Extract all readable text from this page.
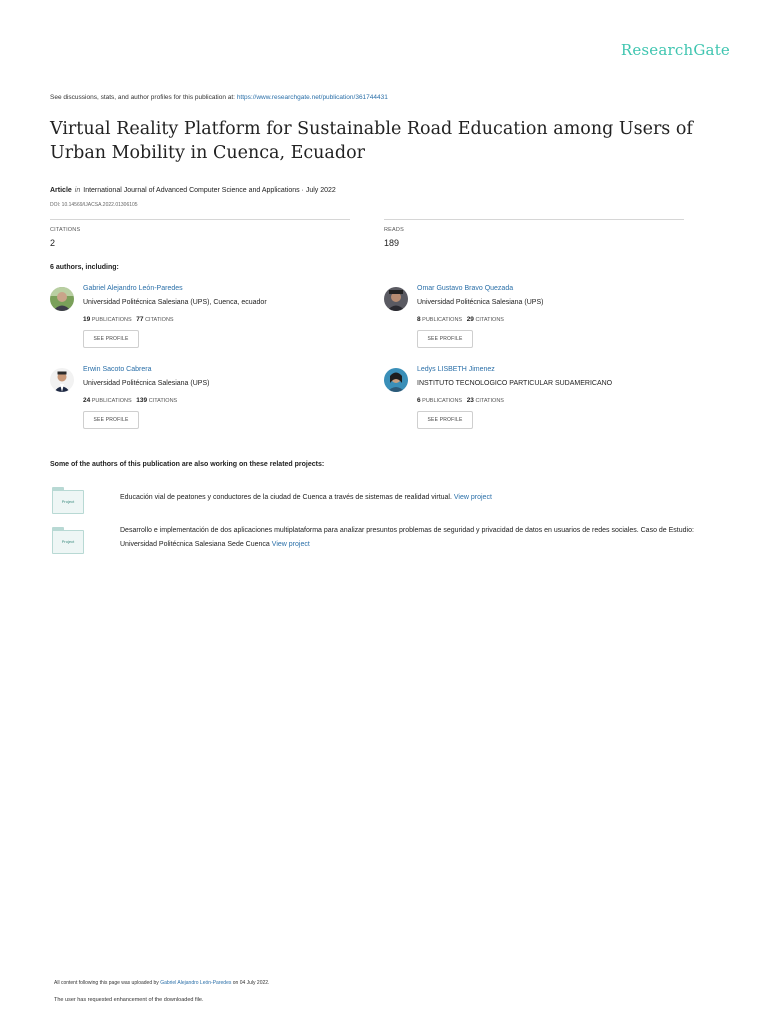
ResearchGate
See discussions, stats, and author profiles for this publication at: https://www.researchgate.net/publication/361744431
Virtual Reality Platform for Sustainable Road Education among Users of Urban Mobility in Cuenca, Ecuador
Article in International Journal of Advanced Computer Science and Applications · July 2022
DOI: 10.14569/IJACSA.2022.01306105
CITATIONS
2
READS
189
6 authors, including:
Gabriel Alejandro León-Paredes
Universidad Politécnica Salesiana (UPS), Cuenca, ecuador
19 PUBLICATIONS 77 CITATIONS
SEE PROFILE
Omar Gustavo Bravo Quezada
Universidad Politécnica Salesiana (UPS)
8 PUBLICATIONS 29 CITATIONS
SEE PROFILE
Erwin Sacoto Cabrera
Universidad Politécnica Salesiana (UPS)
24 PUBLICATIONS 139 CITATIONS
SEE PROFILE
Ledys LISBETH Jimenez
INSTITUTO TECNOLOGICO PARTICULAR SUDAMERICANO
6 PUBLICATIONS 23 CITATIONS
SEE PROFILE
Some of the authors of this publication are also working on these related projects:
Project
Educación vial de peatones y conductores de la ciudad de Cuenca a través de sistemas de realidad virtual. View project
Project
Desarrollo e implementación de dos aplicaciones multiplataforma para analizar presuntos problemas de seguridad y privacidad de datos en usuarios de redes sociales. Caso de Estudio: Universidad Politécnica Salesiana Sede Cuenca View project
All content following this page was uploaded by Gabriel Alejandro León-Paredes on 04 July 2022.
The user has requested enhancement of the downloaded file.
